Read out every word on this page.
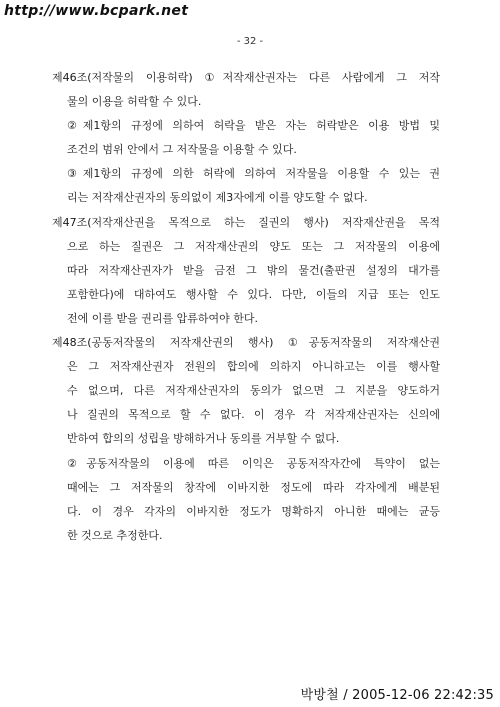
http://www.bcpark.net
- 32 -

제46조(저작물의 이용허락) ①저작재산권자는 다른 사람에게 그 저작
물의 이용을 허락할 수 있다.

②제1항의 규정에 의하여 허락을 받은 자는 허락받은 이용 방법 및
조건의 범위 안에서 그 저작물을 이용할 수 있다.

③제1항의 규정에 의한 허락에 의하여 저작물을 이용할 수 있는 권
리는 저작재산권자의 동의없이 제3자에게 이를 양도할 수 없다.

제47조(저작재산권을 목적으로 하는 질권의 행사) 저작재산권을 목적
으로 하는 질권은 그 저작재산권의 양도 또는 그 저작물의 이용에
따라 저작재산권자가 받을 금전 그 밖의 물건(출판권 설정의 대가를
포함한다)에 대하여도 행사할 수 있다. 다만, 이들의 지급 또는 인도
전에 이를 받을 권리를 압류하여야 한다.

제48조(공동저작물의 저작재산권의 행사) ①공동저작물의 저작재산권
은 그 저작재산권자 전원의 합의에 의하지 아니하고는 이를 행사할
수 없으며, 다른 저작재산권자의 동의가 없으면 그 지분을 양도하거
나 질권의 목적으로 할 수 없다. 이 경우 각 저작재산권자는 신의에
반하여 합의의 성립을 방해하거나 동의를 거부할 수 없다.

②공동저작물의 이용에 따른 이익은 공동저작자간에 특약이 없는
때에는 그 저작물의 창작에 이바지한 정도에 따라 각자에게 배분된
다. 이 경우 각자의 이바지한 정도가 명확하지 아니한 때에는 균등
한 것으로 추정한다.

박방철 / 2005-12-06 22:42:35
